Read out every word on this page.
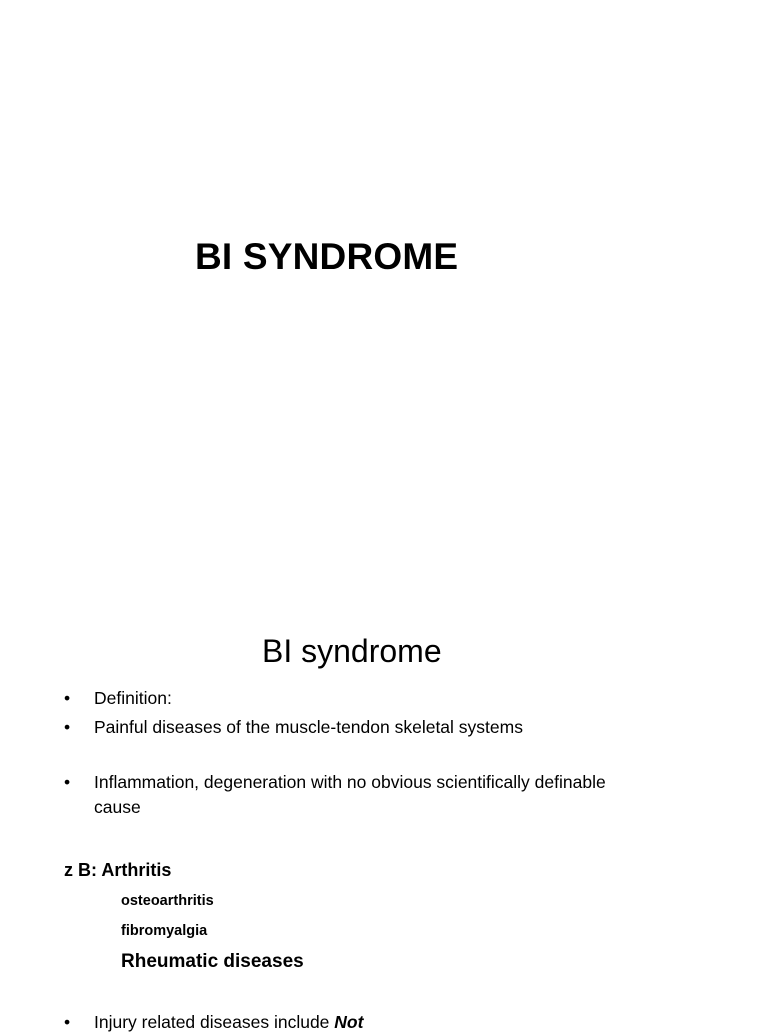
BI SYNDROME
BI syndrome
•	Definition:
•	Painful diseases of the muscle-tendon skeletal systems
•	Inflammation, degeneration with no obvious scientifically definable cause
z B: Arthritis
osteoarthritis
fibromyalgia
Rheumatic diseases
•	Injury related diseases include Not
